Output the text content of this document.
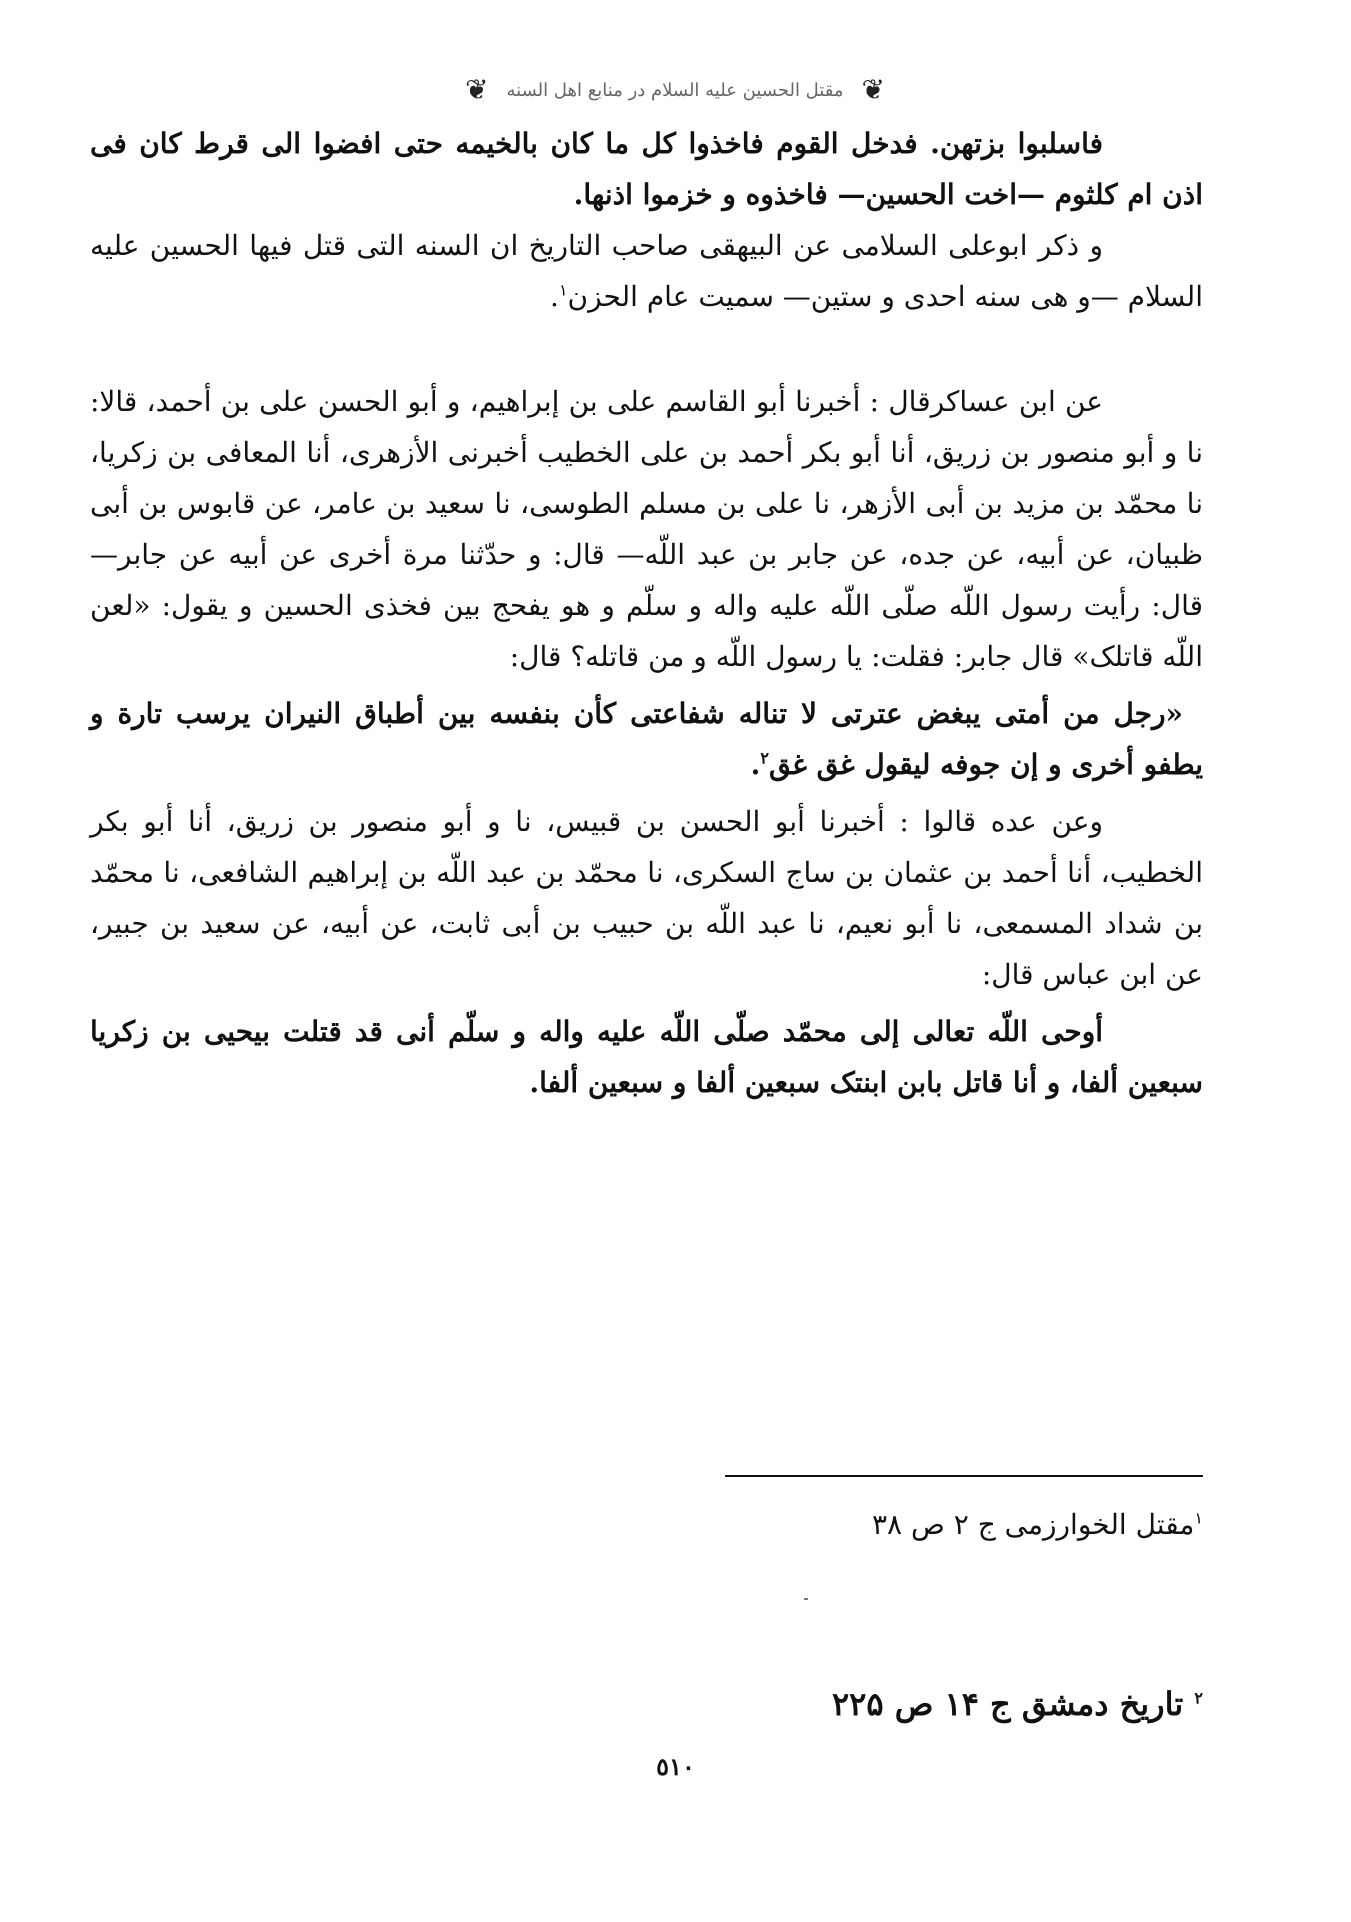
❦
مقتل الحسين عليه السلام در منابع اهل السنه
❦

فاسلبوا بزتهن. فدخل القوم فاخذوا كل ما كان بالخيمه حتى افضوا الى قرط كان فى اذن ام كلثوم —اخت الحسين— فاخذوه و خزموا اذنها.

و ذكر ابوعلى السلامى عن البيهقى صاحب التاريخ ان السنه التى قتل فيها الحسين عليه السلام —و هى سنه احدى و ستين— سميت عام الحزن$^١$.

عن ابن عساكرقال : أخبرنا أبو القاسم على بن إبراهيم، و أبو الحسن على بن أحمد، قالا: نا و أبو منصور بن زريق، أنا أبو بكر أحمد بن على الخطيب أخبرنى الأزهرى، أنا المعافى بن زكريا، نا محمّد بن مزيد بن أبى الأزهر، نا على بن مسلم الطوسى، نا سعيد بن عامر، عن قابوس بن أبى ظبيان، عن أبيه، عن جده، عن جابر بن عبد اللّه— قال: و حدّثنا مرة أخرى عن أبيه عن جابر— قال: رأيت رسول اللّه صلّى اللّه عليه واله و سلّم و هو يفحج بين فخذى الحسين و يقول: «لعن اللّه قاتلک» قال جابر: فقلت: يا رسول اللّه و من قاتله؟ قال:

«رجل من أمتى يبغض عترتى لا تناله شفاعتى كأن بنفسه بين أطباق النيران يرسب تارة و يطفو أخرى و إن جوفه ليقول غق غق$^٢$.

وعن عده قالوا : أخبرنا أبو الحسن بن قبيس، نا و أبو منصور بن زريق، أنا أبو بكر الخطيب، أنا أحمد بن عثمان بن ساج السكرى، نا محمّد بن عبد اللّه بن إبراهيم الشافعى، نا محمّد بن شداد المسمعى، نا أبو نعيم، نا عبد اللّه بن حبيب بن أبى ثابت، عن أبيه، عن سعيد بن جبير، عن ابن عباس قال:

أوحى اللّه تعالى إلى محمّد صلّى اللّه عليه واله و سلّم أنى قد قتلت بيحيى بن زكريا سبعين ألفا، و أنا قاتل بابن ابنتک سبعين ألفا و سبعين ألفا.

$^١$مقتل الخوارزمى ج ٢ ص ٣٨
$^٢$ تاريخ دمشق ج ١۴ ص ٢٢۵
٥١٠
